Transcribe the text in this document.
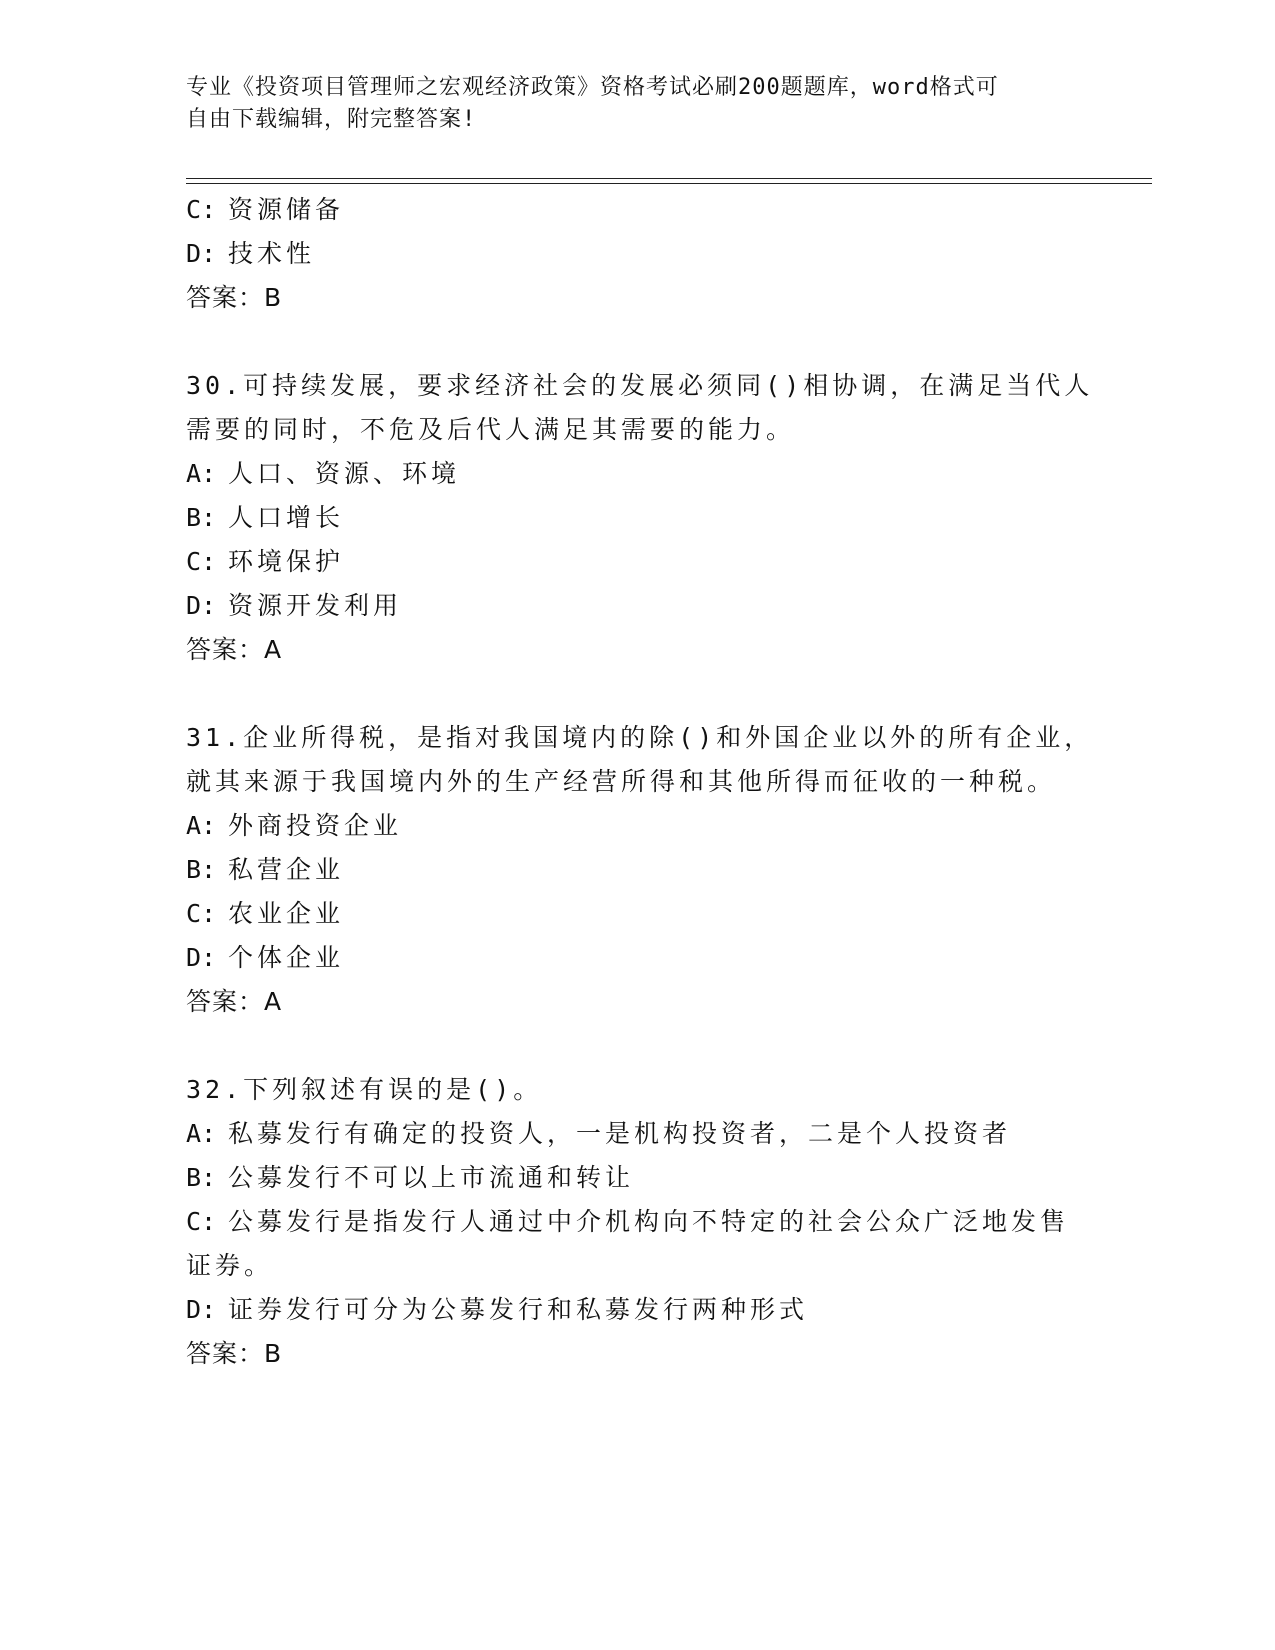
专业《投资项目管理师之宏观经济政策》资格考试必刷200题题库，word格式可
自由下载编辑，附完整答案!
C: 资源储备
D: 技术性
答案：B
30.可持续发展，要求经济社会的发展必须同()相协调，在满足当代人
需要的同时，不危及后代人满足其需要的能力。
A: 人口、资源、环境
B: 人口增长
C: 环境保护
D: 资源开发利用
答案：A
31.企业所得税，是指对我国境内的除()和外国企业以外的所有企业，
就其来源于我国境内外的生产经营所得和其他所得而征收的一种税。
A: 外商投资企业
B: 私营企业
C: 农业企业
D: 个体企业
答案：A
32.下列叙述有误的是()。
A: 私募发行有确定的投资人，一是机构投资者，二是个人投资者
B: 公募发行不可以上市流通和转让
C: 公募发行是指发行人通过中介机构向不特定的社会公众广泛地发售
证券。
D: 证券发行可分为公募发行和私募发行两种形式
答案：B
